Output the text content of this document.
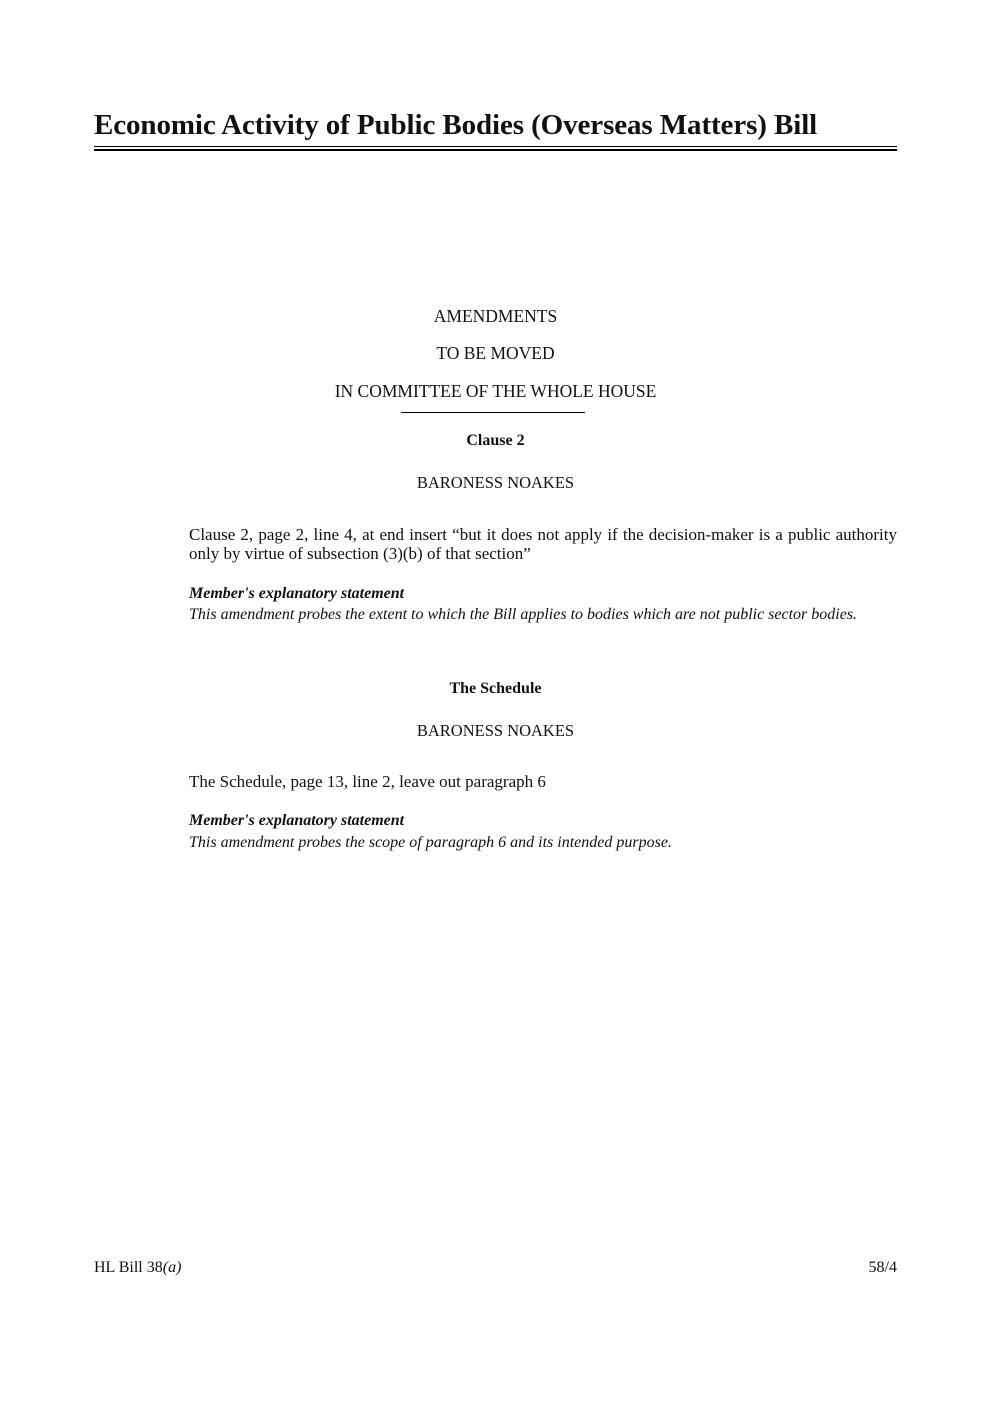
Economic Activity of Public Bodies (Overseas Matters) Bill
AMENDMENTS
TO BE MOVED
IN COMMITTEE OF THE WHOLE HOUSE
Clause 2
BARONESS NOAKES
Clause 2, page 2, line 4, at end insert “but it does not apply if the decision-maker is a public authority only by virtue of subsection (3)(b) of that section”
Member's explanatory statement
This amendment probes the extent to which the Bill applies to bodies which are not public sector bodies.
The Schedule
BARONESS NOAKES
The Schedule, page 13, line 2, leave out paragraph 6
Member's explanatory statement
This amendment probes the scope of paragraph 6 and its intended purpose.
HL Bill 38(a)	58/4
